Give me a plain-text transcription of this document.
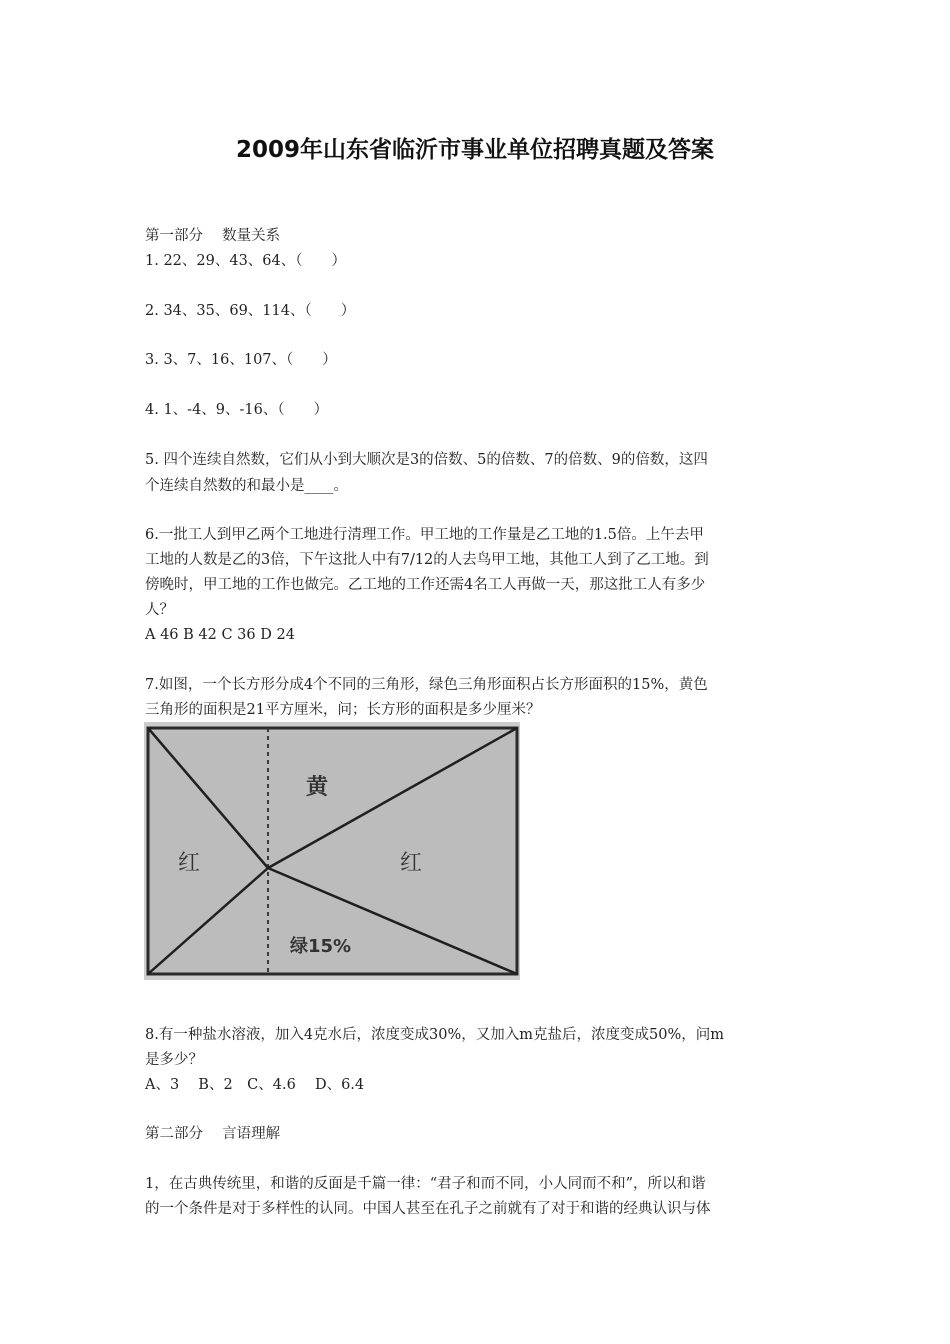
2009年山东省临沂市事业单位招聘真题及答案
第一部分　 数量关系
1. 22、29、43、64、（　　）
2. 34、35、69、114、（　　）
3. 3、7、16、107、（　　）
4. 1、-4、9、-16、（　　）
5. 四个连续自然数，它们从小到大顺次是3的倍数、5的倍数、7的倍数、9的倍数，这四
个连续自然数的和最小是____。
6.一批工人到甲乙两个工地进行清理工作。甲工地的工作量是乙工地的1.5倍。上午去甲
工地的人数是乙的3倍，下午这批人中有7/12的人去鸟甲工地，其他工人到了乙工地。到
傍晚时，甲工地的工作也做完。乙工地的工作还需4名工人再做一天，那这批工人有多少
人？
A 46 B 42 C 36 D 24
7.如图，一个长方形分成4个不同的三角形，绿色三角形面积占长方形面积的15%，黄色
三角形的面积是21平方厘米，问；长方形的面积是多少厘米？
黄
红	红
绿15%
8.有一种盐水溶液，加入4克水后，浓度变成30%，又加入m克盐后，浓度变成50%，问m
是多少？
A、3　 B、2　C、4.6　 D、6.4
第二部分　 言语理解
1，在古典传统里，和谐的反面是千篇一律：“君子和而不同，小人同而不和”，所以和谐
的一个条件是对于多样性的认同。中国人甚至在孔子之前就有了对于和谐的经典认识与体
